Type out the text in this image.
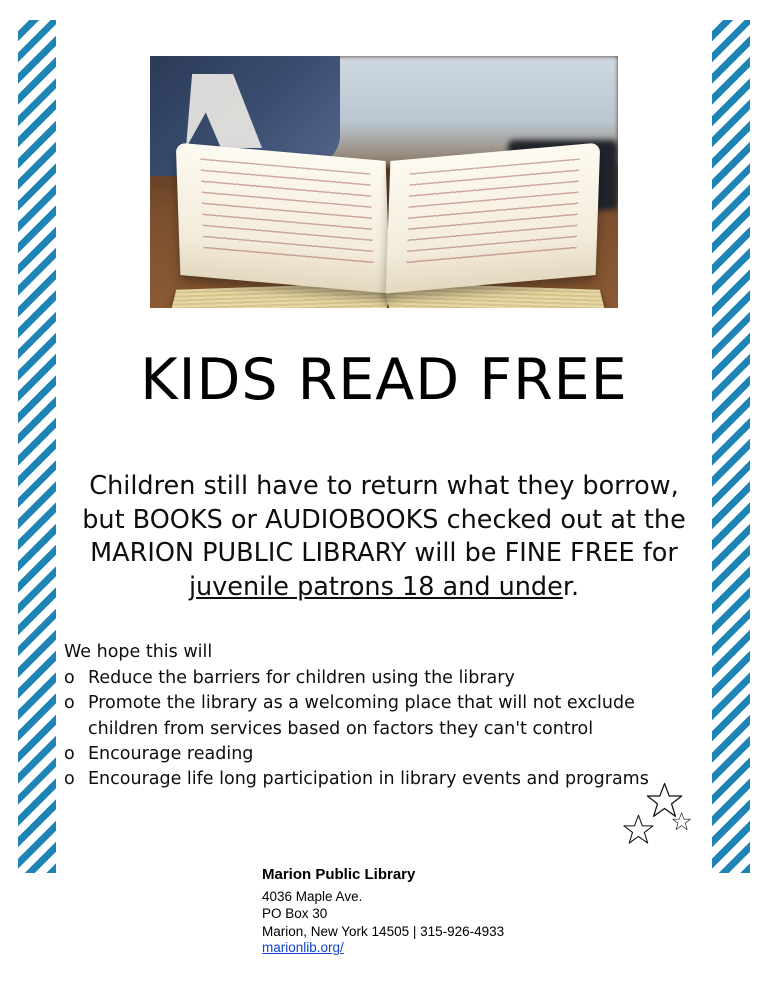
KIDS READ FREE
Children still have to return what they borrow, but BOOKS or AUDIOBOOKS checked out at the MARION PUBLIC LIBRARY will be FINE FREE for juvenile patrons 18 and under.
We hope this will
o Reduce the barriers for children using the library
o Promote the library as a welcoming place that will not exclude children from services based on factors they can't control
o Encourage reading
o Encourage life long participation in library events and programs
Marion Public Library
4036 Maple Ave.
PO Box 30
Marion, New York 14505 | 315-926-4933
marionlib.org/
